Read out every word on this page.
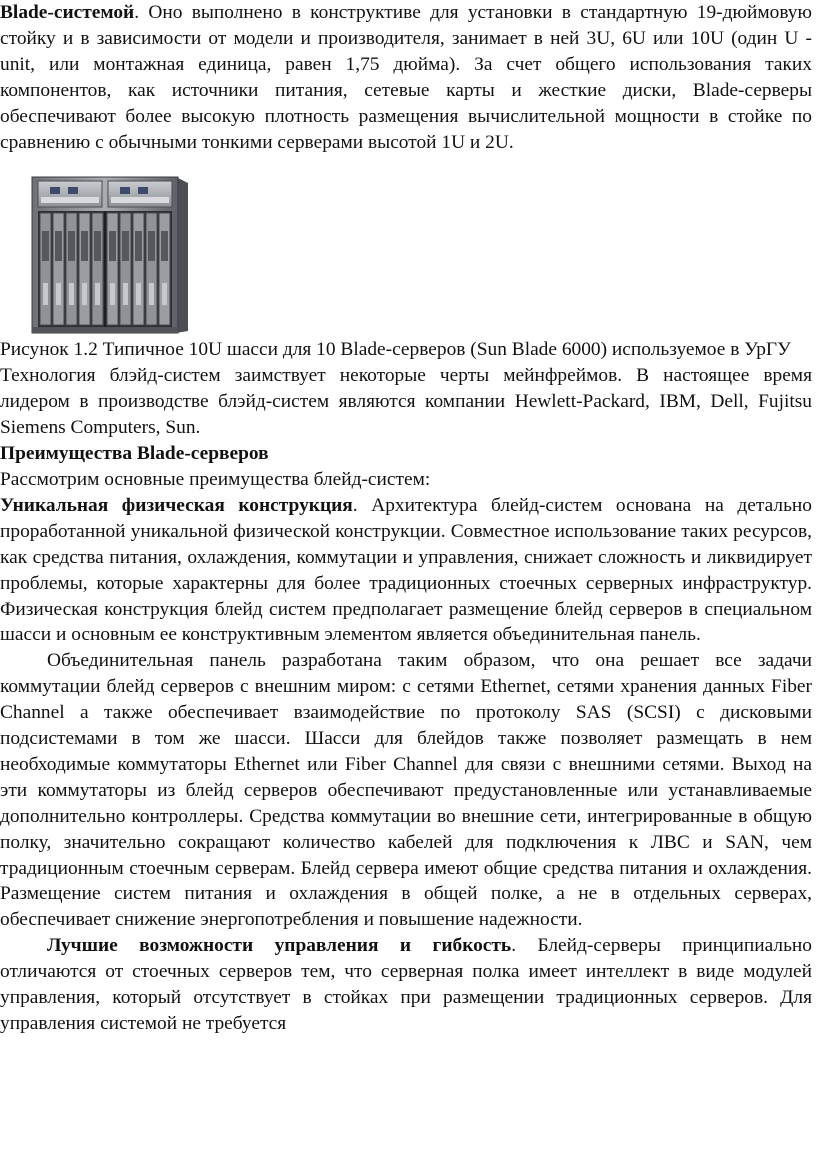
Blade-системой. Оно выполнено в конструктиве для установки в стандартную 19-дюймовую стойку и в зависимости от модели и производителя, занимает в ней 3U, 6U или 10U (один U - unit, или монтажная единица, равен 1,75 дюйма). За счет общего использования таких компонентов, как источники питания, сетевые карты и жесткие диски, Blade-серверы обеспечивают более высокую плотность размещения вычислительной мощности в стойке по сравнению с обычными тонкими серверами высотой 1U и 2U.

Рисунок 1.2 Типичное 10U шасси для 10 Blade-серверов (Sun Blade 6000) используемое в УрГУ

Технология блэйд-систем заимствует некоторые черты мейнфреймов. В настоящее время лидером в производстве блэйд-систем являются компании Hewlett-Packard, IBM, Dell, Fujitsu Siemens Computers, Sun.

Преимущества Blade-серверов

Рассмотрим основные преимущества блейд-систем:

Уникальная физическая конструкция. Архитектура блейд-систем основана на детально проработанной уникальной физической конструкции. Совместное использование таких ресурсов, как средства питания, охлаждения, коммутации и управления, снижает сложность и ликвидирует проблемы, которые характерны для более традиционных стоечных серверных инфраструктур. Физическая конструкция блейд систем предполагает размещение блейд серверов в специальном шасси и основным ее конструктивным элементом является объединительная панель.

Объединительная панель разработана таким образом, что она решает все задачи коммутации блейд серверов с внешним миром: с сетями Ethernet, сетями хранения данных Fiber Channel а также обеспечивает взаимодействие по протоколу SAS (SCSI) с дисковыми подсистемами в том же шасси. Шасси для блейдов также позволяет размещать в нем необходимые коммутаторы Ethernet или Fiber Channel для связи с внешними сетями. Выход на эти коммутаторы из блейд серверов обеспечивают предустановленные или устанавливаемые дополнительно контроллеры. Средства коммутации во внешние сети, интегрированные в общую полку, значительно сокращают количество кабелей для подключения к ЛВС и SAN, чем традиционным стоечным серверам. Блейд сервера имеют общие средства питания и охлаждения. Размещение систем питания и охлаждения в общей полке, а не в отдельных серверах, обеспечивает снижение энергопотребления и повышение надежности.

Лучшие возможности управления и гибкость. Блейд-серверы принципиально отличаются от стоечных серверов тем, что серверная полка имеет интеллект в виде модулей управления, который отсутствует в стойках при размещении традиционных серверов. Для управления системой не требуется
